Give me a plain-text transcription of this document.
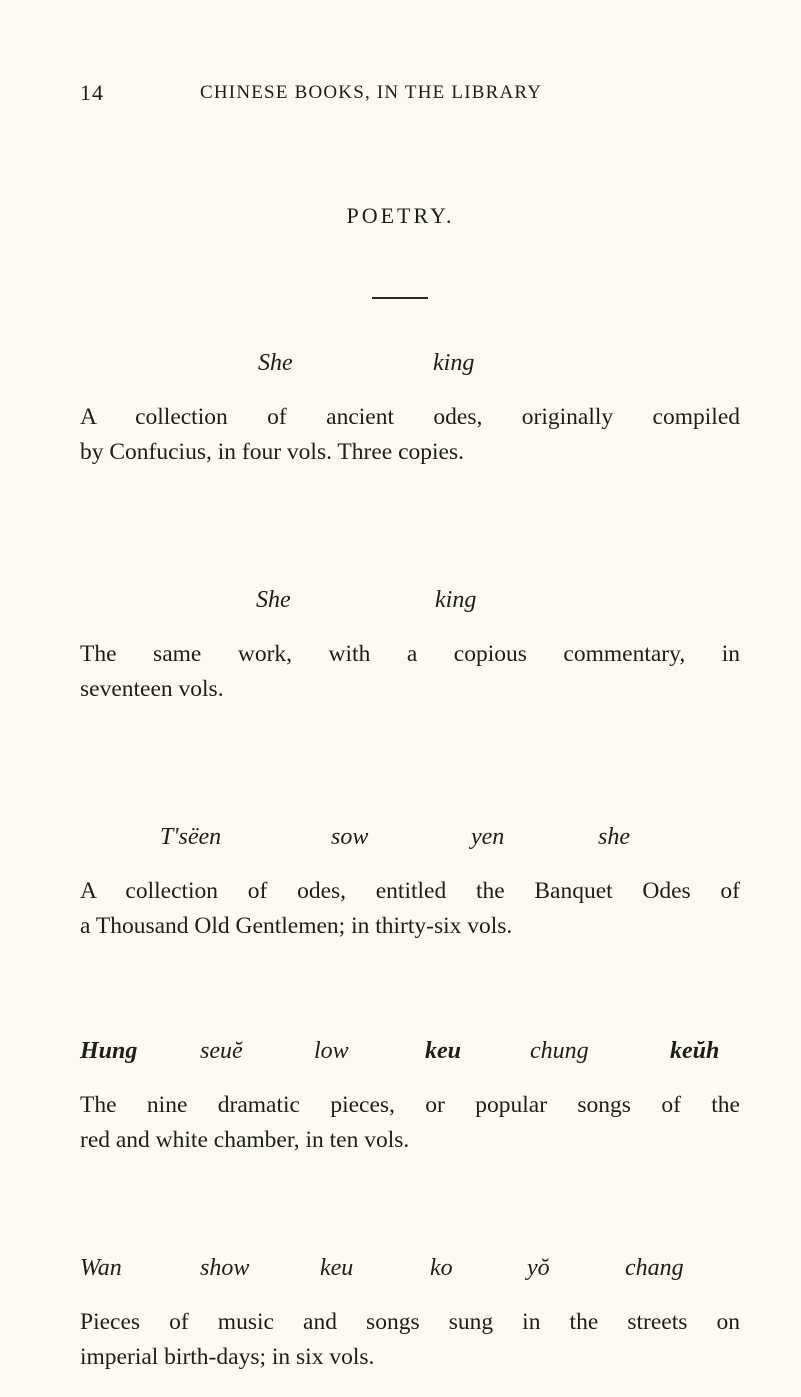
14	CHINESE BOOKS, IN THE LIBRARY
POETRY.
She	king
A collection of ancient odes, originally compiled
by Confucius, in four vols. Three copies.
She	king
The same work, with a copious commentary, in
seventeen vols.
T'sëen	sow	yen	she
A collection of odes, entitled the Banquet Odes of
a Thousand Old Gentlemen; in thirty-six vols.
Hung	seuĕ	low	keu	chung	keŭh
The nine dramatic pieces, or popular songs of the
red and white chamber, in ten vols.
Wan	show	keu	ko	yŏ	chang
Pieces of music and songs sung in the streets on
imperial birth-days; in six vols.
